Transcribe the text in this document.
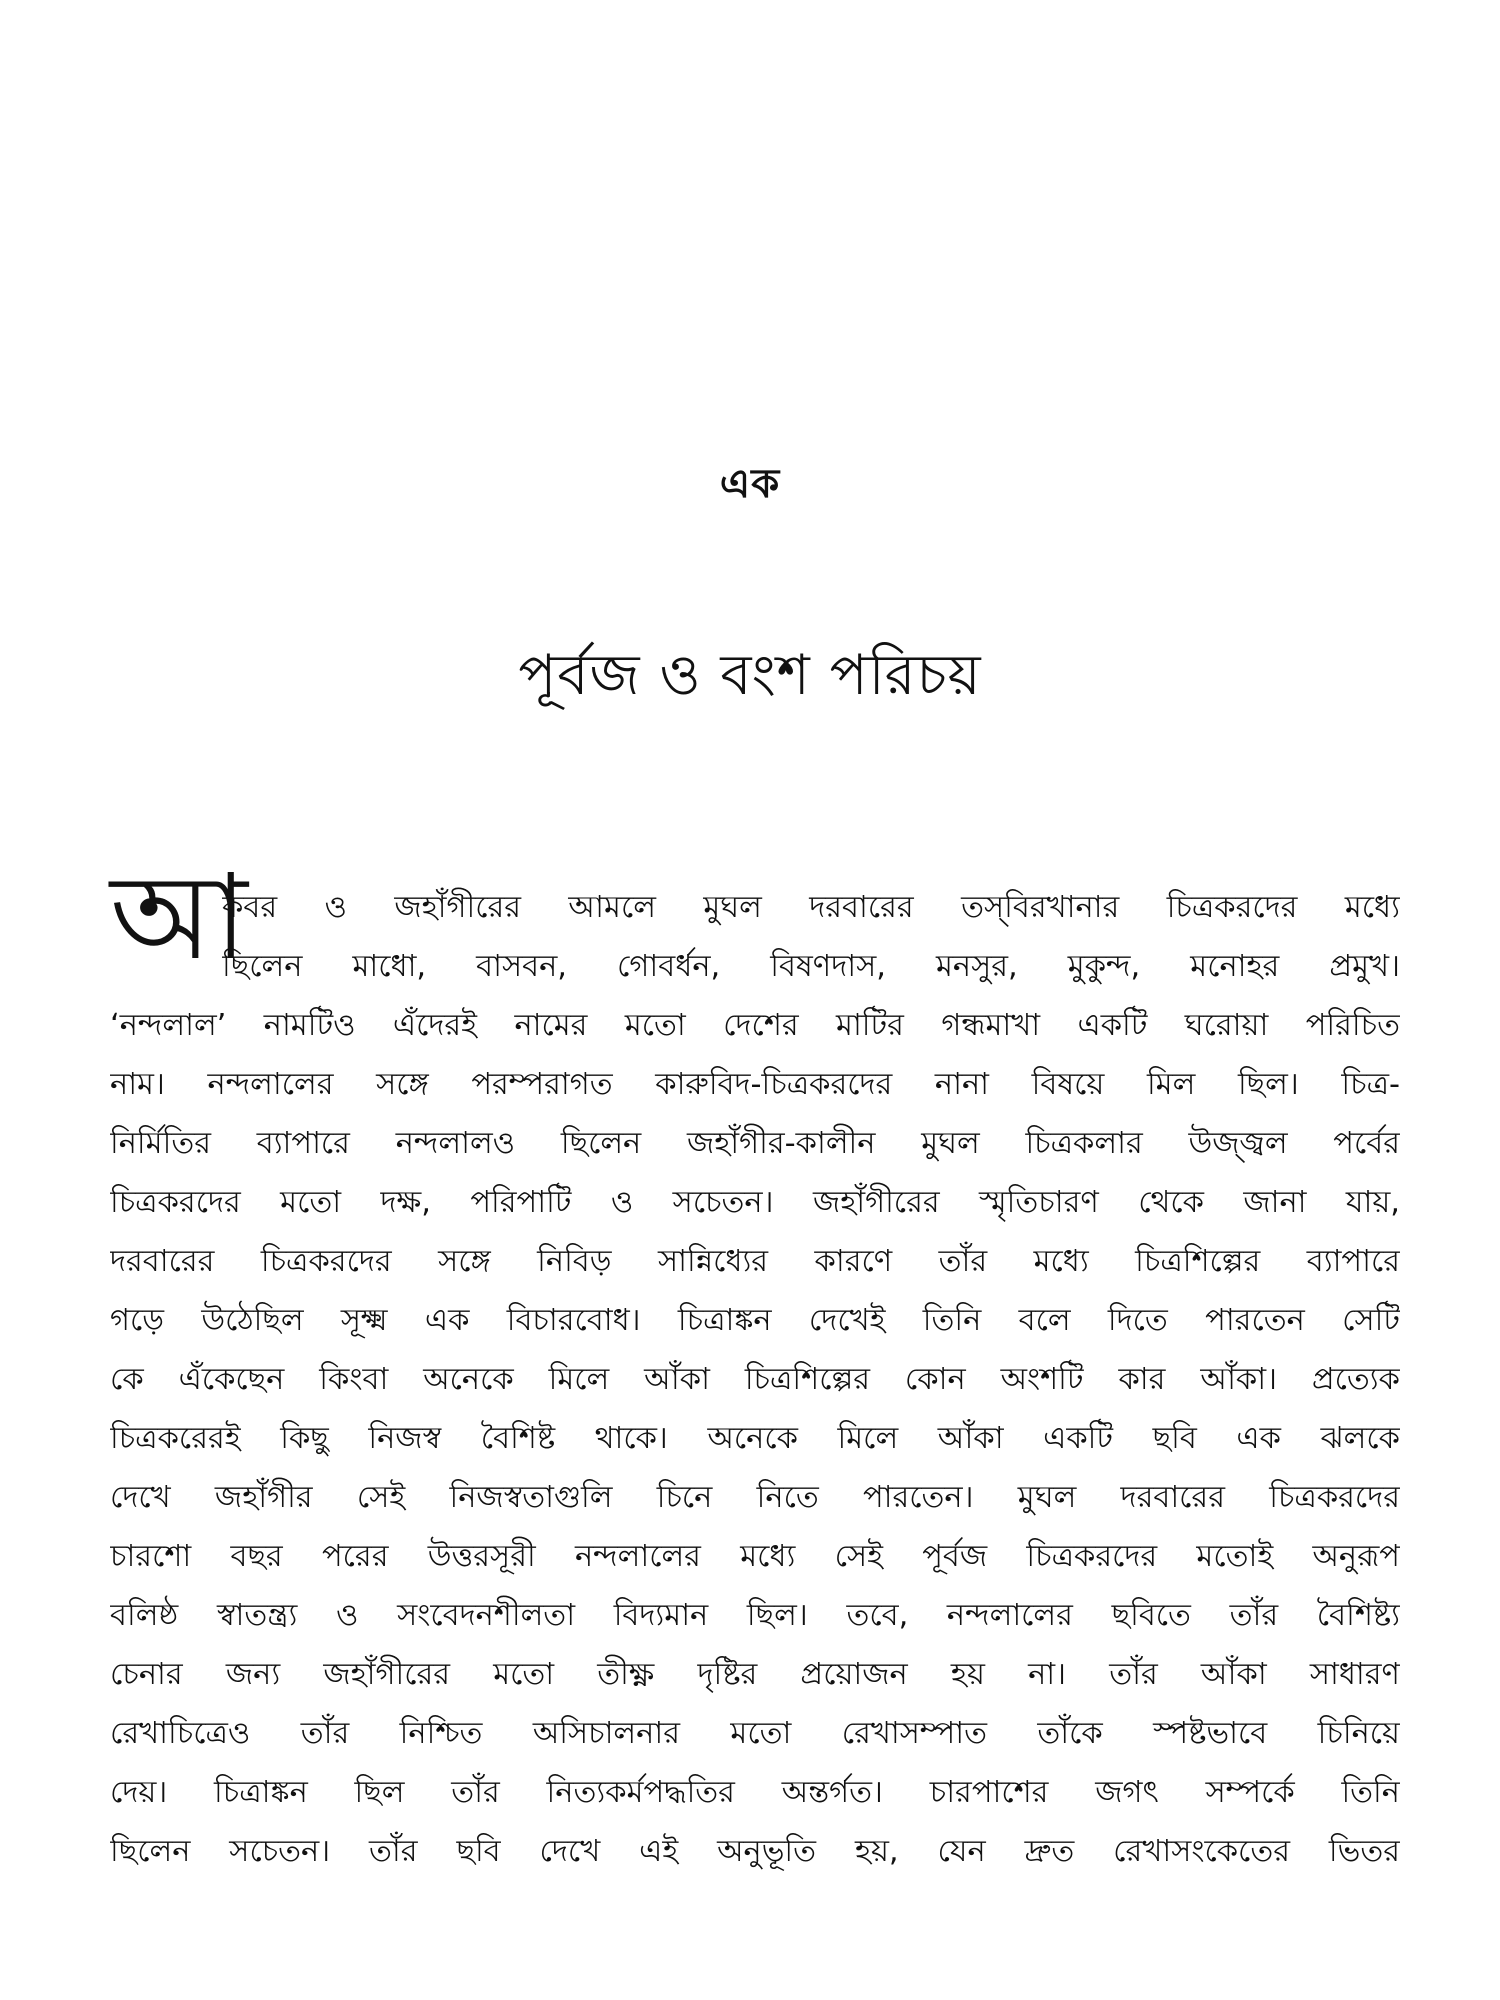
এক
পূর্বজ ও বংশ পরিচয়
আ
কবর ও জহাঁগীরের আমলে মুঘল দরবারের তস্‌বিরখানার চিত্রকরদের মধ্যে
ছিলেন মাধো, বাসবন, গোবর্ধন, বিষণদাস, মনসুর, মুকুন্দ, মনোহর প্রমুখ।
‘নন্দলাল’ নামটিও এঁদেরই নামের মতো দেশের মাটির গন্ধমাখা একটি ঘরোয়া পরিচিত
নাম। নন্দলালের সঙ্গে পরম্পরাগত কারুবিদ-চিত্রকরদের নানা বিষয়ে মিল ছিল। চিত্র-
নির্মিতির ব্যাপারে নন্দলালও ছিলেন জহাঁগীর-কালীন মুঘল চিত্রকলার উজ্জ্বল পর্বের
চিত্রকরদের মতো দক্ষ, পরিপাটি ও সচেতন। জহাঁগীরের স্মৃতিচারণ থেকে জানা যায়,
দরবারের চিত্রকরদের সঙ্গে নিবিড় সান্নিধ্যের কারণে তাঁর মধ্যে চিত্রশিল্পের ব্যাপারে
গড়ে উঠেছিল সূক্ষ্ম এক বিচারবোধ। চিত্রাঙ্কন দেখেই তিনি বলে দিতে পারতেন সেটি
কে এঁকেছেন কিংবা অনেকে মিলে আঁকা চিত্রশিল্পের কোন অংশটি কার আঁকা। প্রত্যেক
চিত্রকরেরই কিছু নিজস্ব বৈশিষ্ট থাকে। অনেকে মিলে আঁকা একটি ছবি এক ঝলকে
দেখে জহাঁগীর সেই নিজস্বতাগুলি চিনে নিতে পারতেন। মুঘল দরবারের চিত্রকরদের
চারশো বছর পরের উত্তরসূরী নন্দলালের মধ্যে সেই পূর্বজ চিত্রকরদের মতোই অনুরূপ
বলিষ্ঠ স্বাতন্ত্র্য ও সংবেদনশীলতা বিদ্যমান ছিল। তবে, নন্দলালের ছবিতে তাঁর বৈশিষ্ট্য
চেনার জন্য জহাঁগীরের মতো তীক্ষ্ণ দৃষ্টির প্রয়োজন হয় না। তাঁর আঁকা সাধারণ
রেখাচিত্রেও তাঁর নিশ্চিত অসিচালনার মতো রেখাসম্পাত তাঁকে স্পষ্টভাবে চিনিয়ে
দেয়। চিত্রাঙ্কন ছিল তাঁর নিত্যকর্মপদ্ধতির অন্তর্গত। চারপাশের জগৎ সম্পর্কে তিনি
ছিলেন সচেতন। তাঁর ছবি দেখে এই অনুভূতি হয়, যেন দ্রুত রেখাসংকেতের ভিতর
